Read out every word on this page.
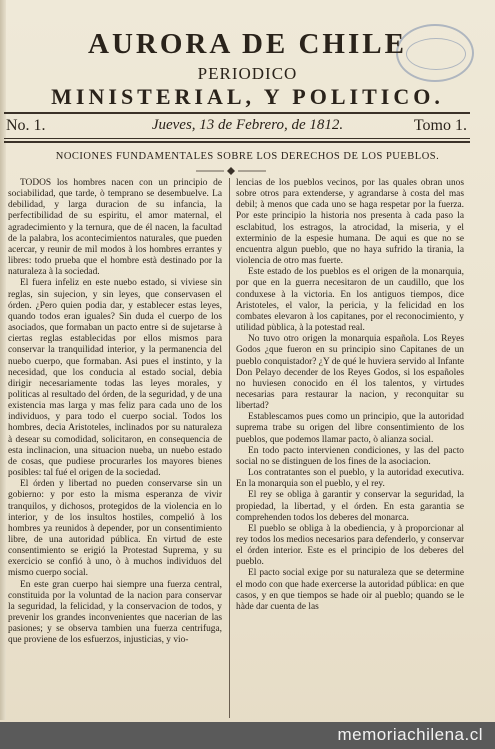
AURORA DE CHILE
PERIODICO
MINISTERIAL, Y POLITICO.
No. 1.	Jueves, 13 de Febrero, de 1812.	Tomo 1.
NOCIONES FUNDAMENTALES SOBRE LOS DERECHOS DE LOS PUEBLOS.

TODOS los hombres nacen con un principio de sociabilidad, que tarde, ò temprano se desembuelve. La debilidad, y larga duracion de su infancia, la perfectibilidad de su espiritu, el amor maternal, el agradecimiento y la ternura, que de él nacen, la facultad de la palabra, los acontecimientos naturales, que pueden acercar, y reunir de mil modos à los hombres errantes y libres: todo prueba que el hombre està destinado por la naturaleza à la sociedad.

El fuera infeliz en este nuebo estado, si viviese sin reglas, sin sujecion, y sin leyes, que conservasen el órden. ¿Pero quien podia dar, y establecer estas leyes, quando todos eran iguales? Sin duda el cuerpo de los asociados, que formaban un pacto entre si de sujetarse à ciertas reglas establecidas por ellos mismos para conservar la tranquilidad interior, y la permanencia del nuebo cuerpo, que formaban. Asi pues el instinto, y la necesidad, que los conducia al estado social, debia dirigir necesariamente todas las leyes morales, y politicas al resultado del órden, de la seguridad, y de una existencia mas larga y mas feliz para cada uno de los individuos, y para todo el cuerpo social. Todos los hombres, decia Aristoteles, inclinados por su naturaleza à desear su comodidad, solicitaron, en consequencia de esta inclinacion, una situacion nueba, un nuebo estado de cosas, que pudiese procurarles los mayores bienes posibles: tal fué el origen de la sociedad.

El órden y libertad no pueden conservarse sin un gobierno: y por esto la misma esperanza de vivir tranquilos, y dichosos, protegidos de la violencia en lo interior, y de los insultos hostiles, compelió à los hombres ya reunidos à depender, por un consentimiento libre, de una autoridad pública. En virtud de este consentimiento se erigió la Protestad Suprema, y su exercicio se confió à uno, ò à muchos individuos del mismo cuerpo social.

En este gran cuerpo hai siempre una fuerza central, constituida por la voluntad de la nacion para conservar la seguridad, la felicidad, y la conservacion de todos, y prevenir los grandes inconvenientes que nacerian de las pasiones; y se observa tambien una fuerza centrifuga, que proviene de los esfuerzos, injusticias, y vio-

lencias de los pueblos vecinos, por las quales obran unos sobre otros para extenderse, y agrandarse à costa del mas debil; à menos que cada uno se haga respetar por la fuerza. Por este principio la historia nos presenta à cada paso la esclabitud, los estragos, la atrocidad, la miseria, y el exterminio de la espesie humana. De aqui es que no se encuentra algun pueblo, que no haya sufrido la tirania, la violencia de otro mas fuerte.

Este estado de los pueblos es el origen de la monarquia, por que en la guerra necesitaron de un caudillo, que los conduxese à la victoria. En los antiguos tiempos, dice Aristoteles, el valor, la pericia, y la felicidad en los combates elevaron à los capitanes, por el reconocimiento, y utilidad pùblica, à la potestad real.

No tuvo otro origen la monarquia española. Los Reyes Godos ¿que fueron en su principio sino Capitanes de un pueblo conquistador? ¿Y de qué le huviera servido al Infante Don Pelayo decender de los Reyes Godos, si los españoles no huviesen conocido en él los talentos, y virtudes necesarias para restaurar la nacion, y reconquitar su libertad?

Establescamos pues como un principio, que la autoridad suprema trabe su origen del libre consentimiento de los pueblos, que podemos llamar pacto, ò alianza social.

En todo pacto intervienen condiciones, y las del pacto social no se distinguen de los fines de la asociacion.

Los contratantes son el pueblo, y la autoridad executiva. En la monarquia son el pueblo, y el rey.

El rey se obliga à garantir y conservar la seguridad, la propiedad, la libertad, y el órden. En esta garantia se comprehenden todos los deberes del monarca.

El pueblo se obliga à la obediencia, y à proporcionar al rey todos los medios necesarios para defenderlo, y conservar el órden interior. Este es el principio de los deberes del pueblo.

El pacto social exige por su naturaleza que se determine el modo con que hade exercerse la autoridad pública: en que casos, y en que tiempos se hade oir al pueblo; quando se le hàde dar cuenta de las

memoriachilena.cl
